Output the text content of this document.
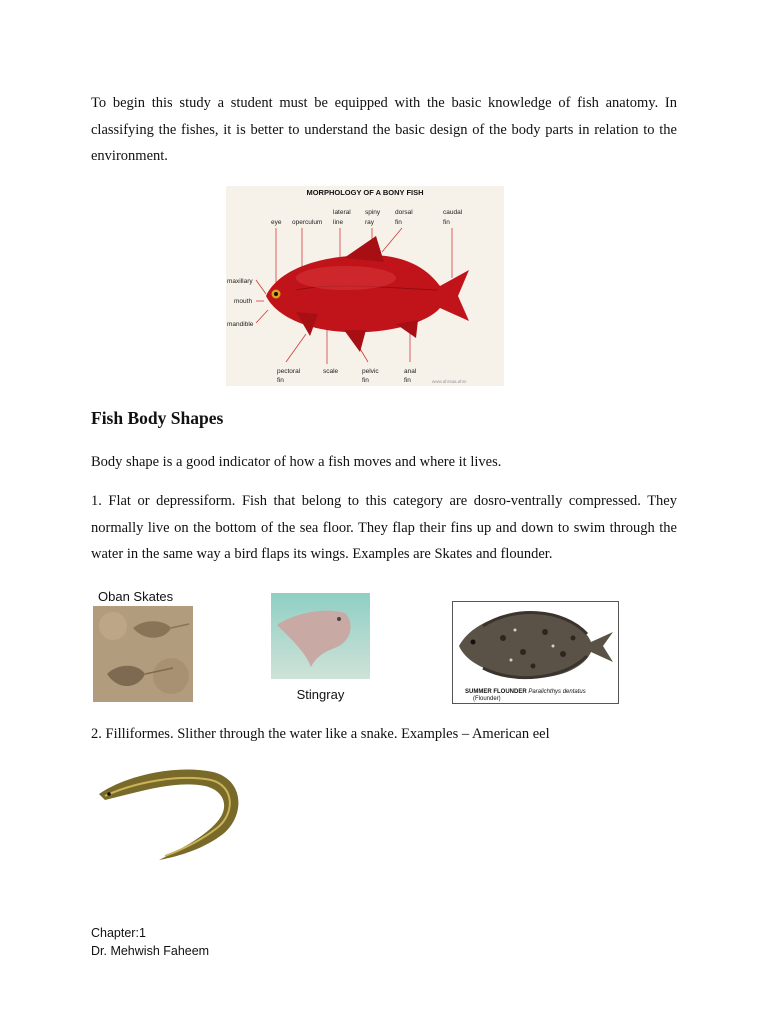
To begin this study a student must be equipped with the basic knowledge of fish anatomy. In classifying the fishes, it is better to understand the basic design of the body parts in relation to the environment.

MORPHOLOGY OF A BONY FISH
eye operculum
lateral
line
spiny
ray
dorsal
fin
caudal
fin
maxillary
mouth
mandible
pectoral
fin
scale	pelvic
fin
anal
fin	www.ahrsaa.ahm
Fish Body Shapes

Body shape is a good indicator of how a fish moves and where it lives.

1. Flat or depressiform. Fish that belong to this category are dosro-ventrally compressed. They normally live on the bottom of the sea floor. They flap their fins up and down to swim through the water in the same way a bird flaps its wings. Examples are Skates and flounder.

Oban Skates
Stingray	SUMMER FLOUNDER Paralichthys dentatus
(Flounder)

2. Filliformes. Slither through the water like a snake. Examples – American eel

Chapter:1
Dr. Mehwish Faheem
